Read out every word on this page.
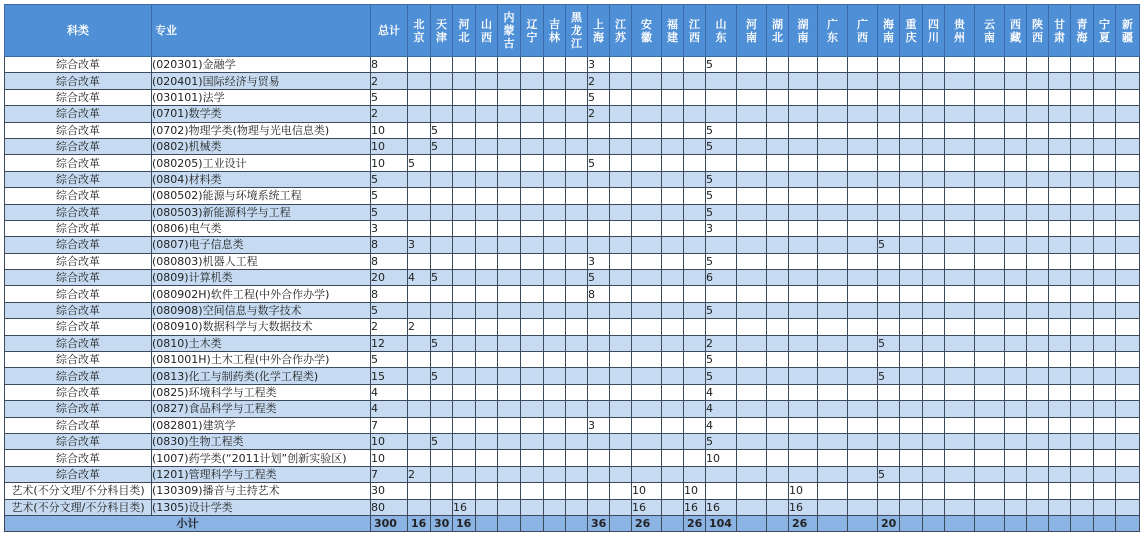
科类	专业	总计	北京	天津	河北	山西	内蒙古	辽宁	吉林	黑龙江	上海	江苏	安徽	福建	江西	山东	河南	湖北	湖南	广东	广西	海南	重庆	四川	贵州	云南	西藏	陕西	甘肃	青海	宁夏	新疆
综合改革	(020301)金融学	8									3					5																
综合改革	(020401)国际经济与贸易	2									2																					
综合改革	(030101)法学	5									5																					
综合改革	(0701)数学类	2									2																					
综合改革	(0702)物理学类(物理与光电信息类)	10		5												5																
综合改革	(0802)机械类	10		5												5																
综合改革	(080205)工业设计	10	5								5																					
综合改革	(0804)材料类	5														5																
综合改革	(080502)能源与环境系统工程	5														5																
综合改革	(080503)新能源科学与工程	5														5																
综合改革	(0806)电气类	3														3																
综合改革	(0807)电子信息类	8	3																			5										
综合改革	(080803)机器人工程	8									3					5																
综合改革	(0809)计算机类	20	4	5							5					6																
综合改革	(080902H)软件工程(中外合作办学)	8									8																					
综合改革	(080908)空间信息与数字技术	5														5																
综合改革	(080910)数据科学与大数据技术	2	2																													
综合改革	(0810)土木类	12		5												2						5										
综合改革	(081001H)土木工程(中外合作办学)	5														5																
综合改革	(0813)化工与制药类(化学工程类)	15		5												5						5										
综合改革	(0825)环境科学与工程类	4														4																
综合改革	(0827)食品科学与工程类	4														4																
综合改革	(082801)建筑学	7									3					4																
综合改革	(0830)生物工程类	10		5												5																
综合改革	(1007)药学类(“2011计划”创新实验区)	10														10																
综合改革	(1201)管理科学与工程类	7	2																			5										
艺术(不分文理/不分科目类)	(130309)播音与主持艺术	30											10		10				10													
艺术(不分文理/不分科目类)	(1305)设计学类	80			16								16		16	16			16													
小计		300	16	30	16						36		26		26	104			26			20										
